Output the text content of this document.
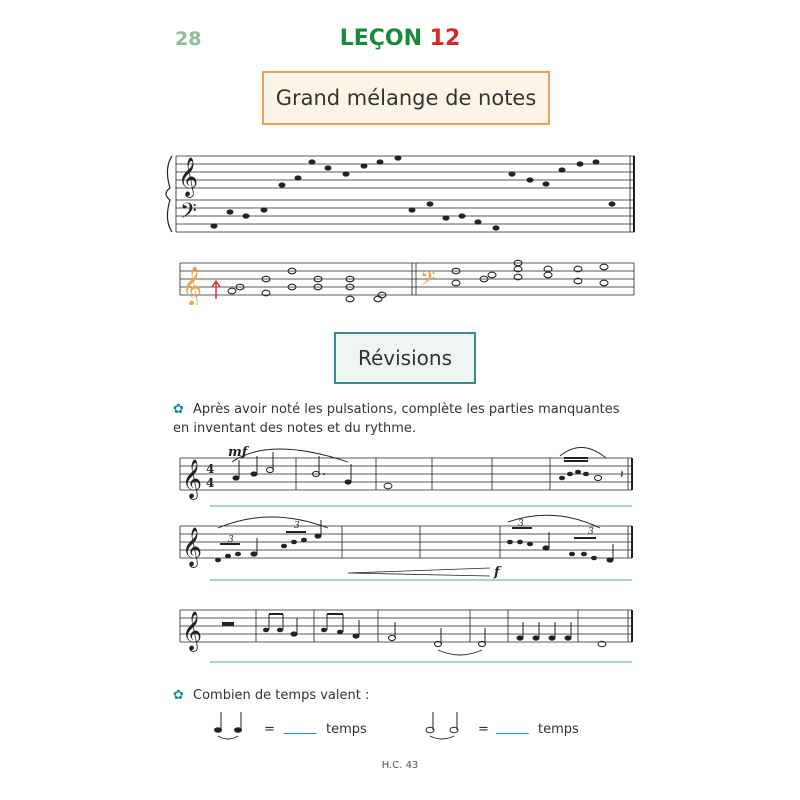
28	LEÇON 12
Grand mélange de notes
𝄞
𝄢
𝄞	𝄢
Révisions
✿ Après avoir noté les pulsations, complète les parties manquantes en inventant des notes et du rythme.
mf
𝄞 4
4
𝄽
𝄞	3
3	3
3
f
𝄞
✿ Combien de temps valent :
= _____ temps	= _____ temps
H.C. 43
